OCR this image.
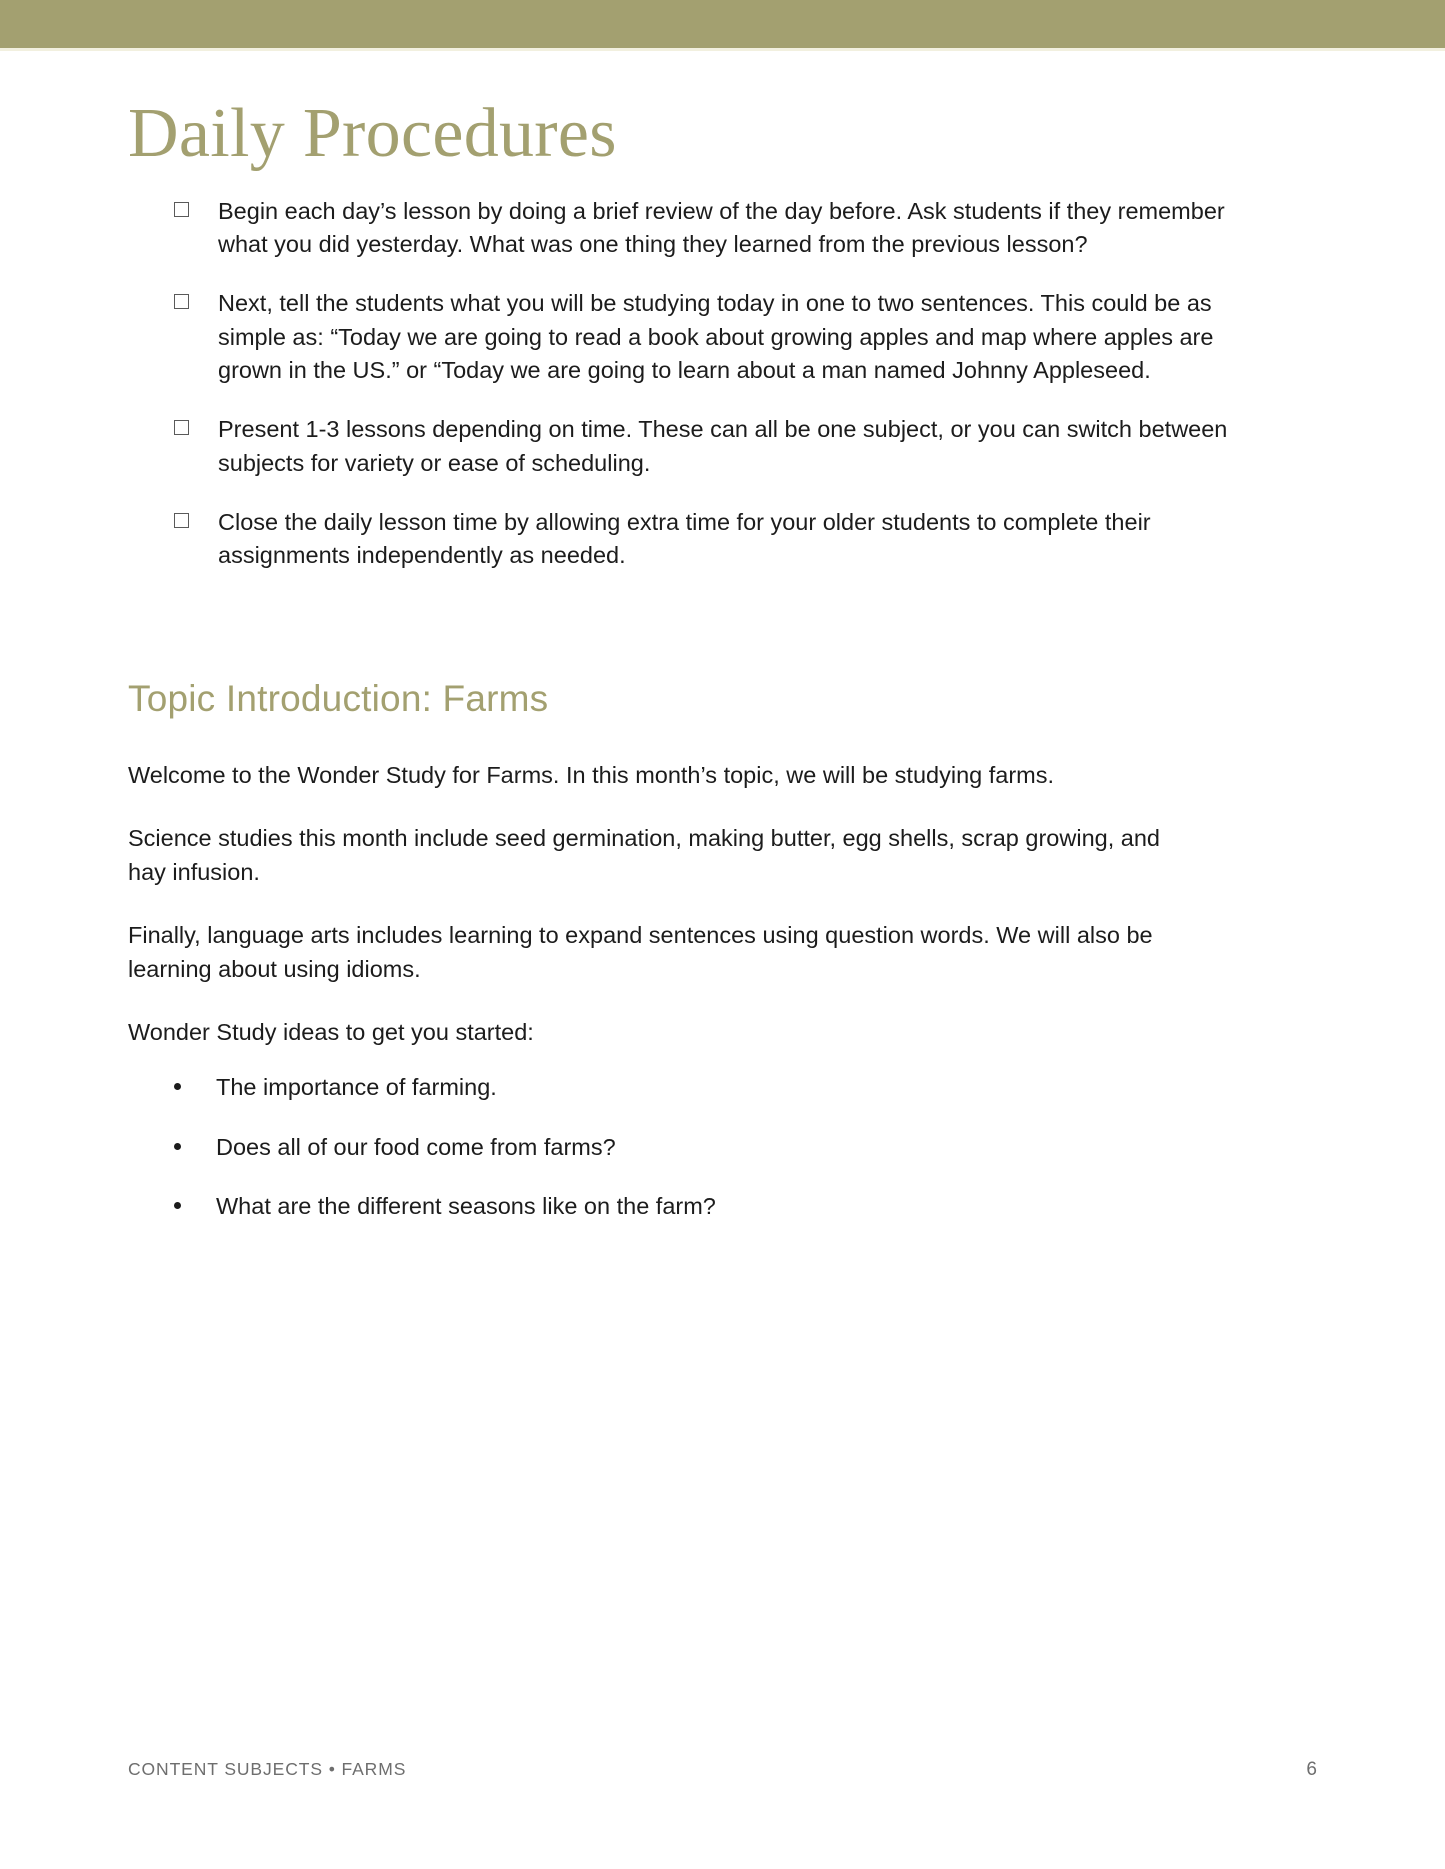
Daily Procedures
Begin each day’s lesson by doing a brief review of the day before. Ask students if they remember what you did yesterday. What was one thing they learned from the previous lesson?
Next, tell the students what you will be studying today in one to two sentences. This could be as simple as: “Today we are going to read a book about growing apples and map where apples are grown in the US.” or “Today we are going to learn about a man named Johnny Appleseed.
Present 1-3 lessons depending on time. These can all be one subject, or you can switch between subjects for variety or ease of scheduling.
Close the daily lesson time by allowing extra time for your older students to complete their assignments independently as needed.
Topic Introduction: Farms

Welcome to the Wonder Study for Farms. In this month’s topic, we will be studying farms.

Science studies this month include seed germination, making butter, egg shells, scrap growing, and hay infusion.

Finally, language arts includes learning to expand sentences using question words. We will also be learning about using idioms.

Wonder Study ideas to get you started:

The importance of farming.
Does all of our food come from farms?
What are the different seasons like on the farm?
CONTENT SUBJECTS • FARMS	6
